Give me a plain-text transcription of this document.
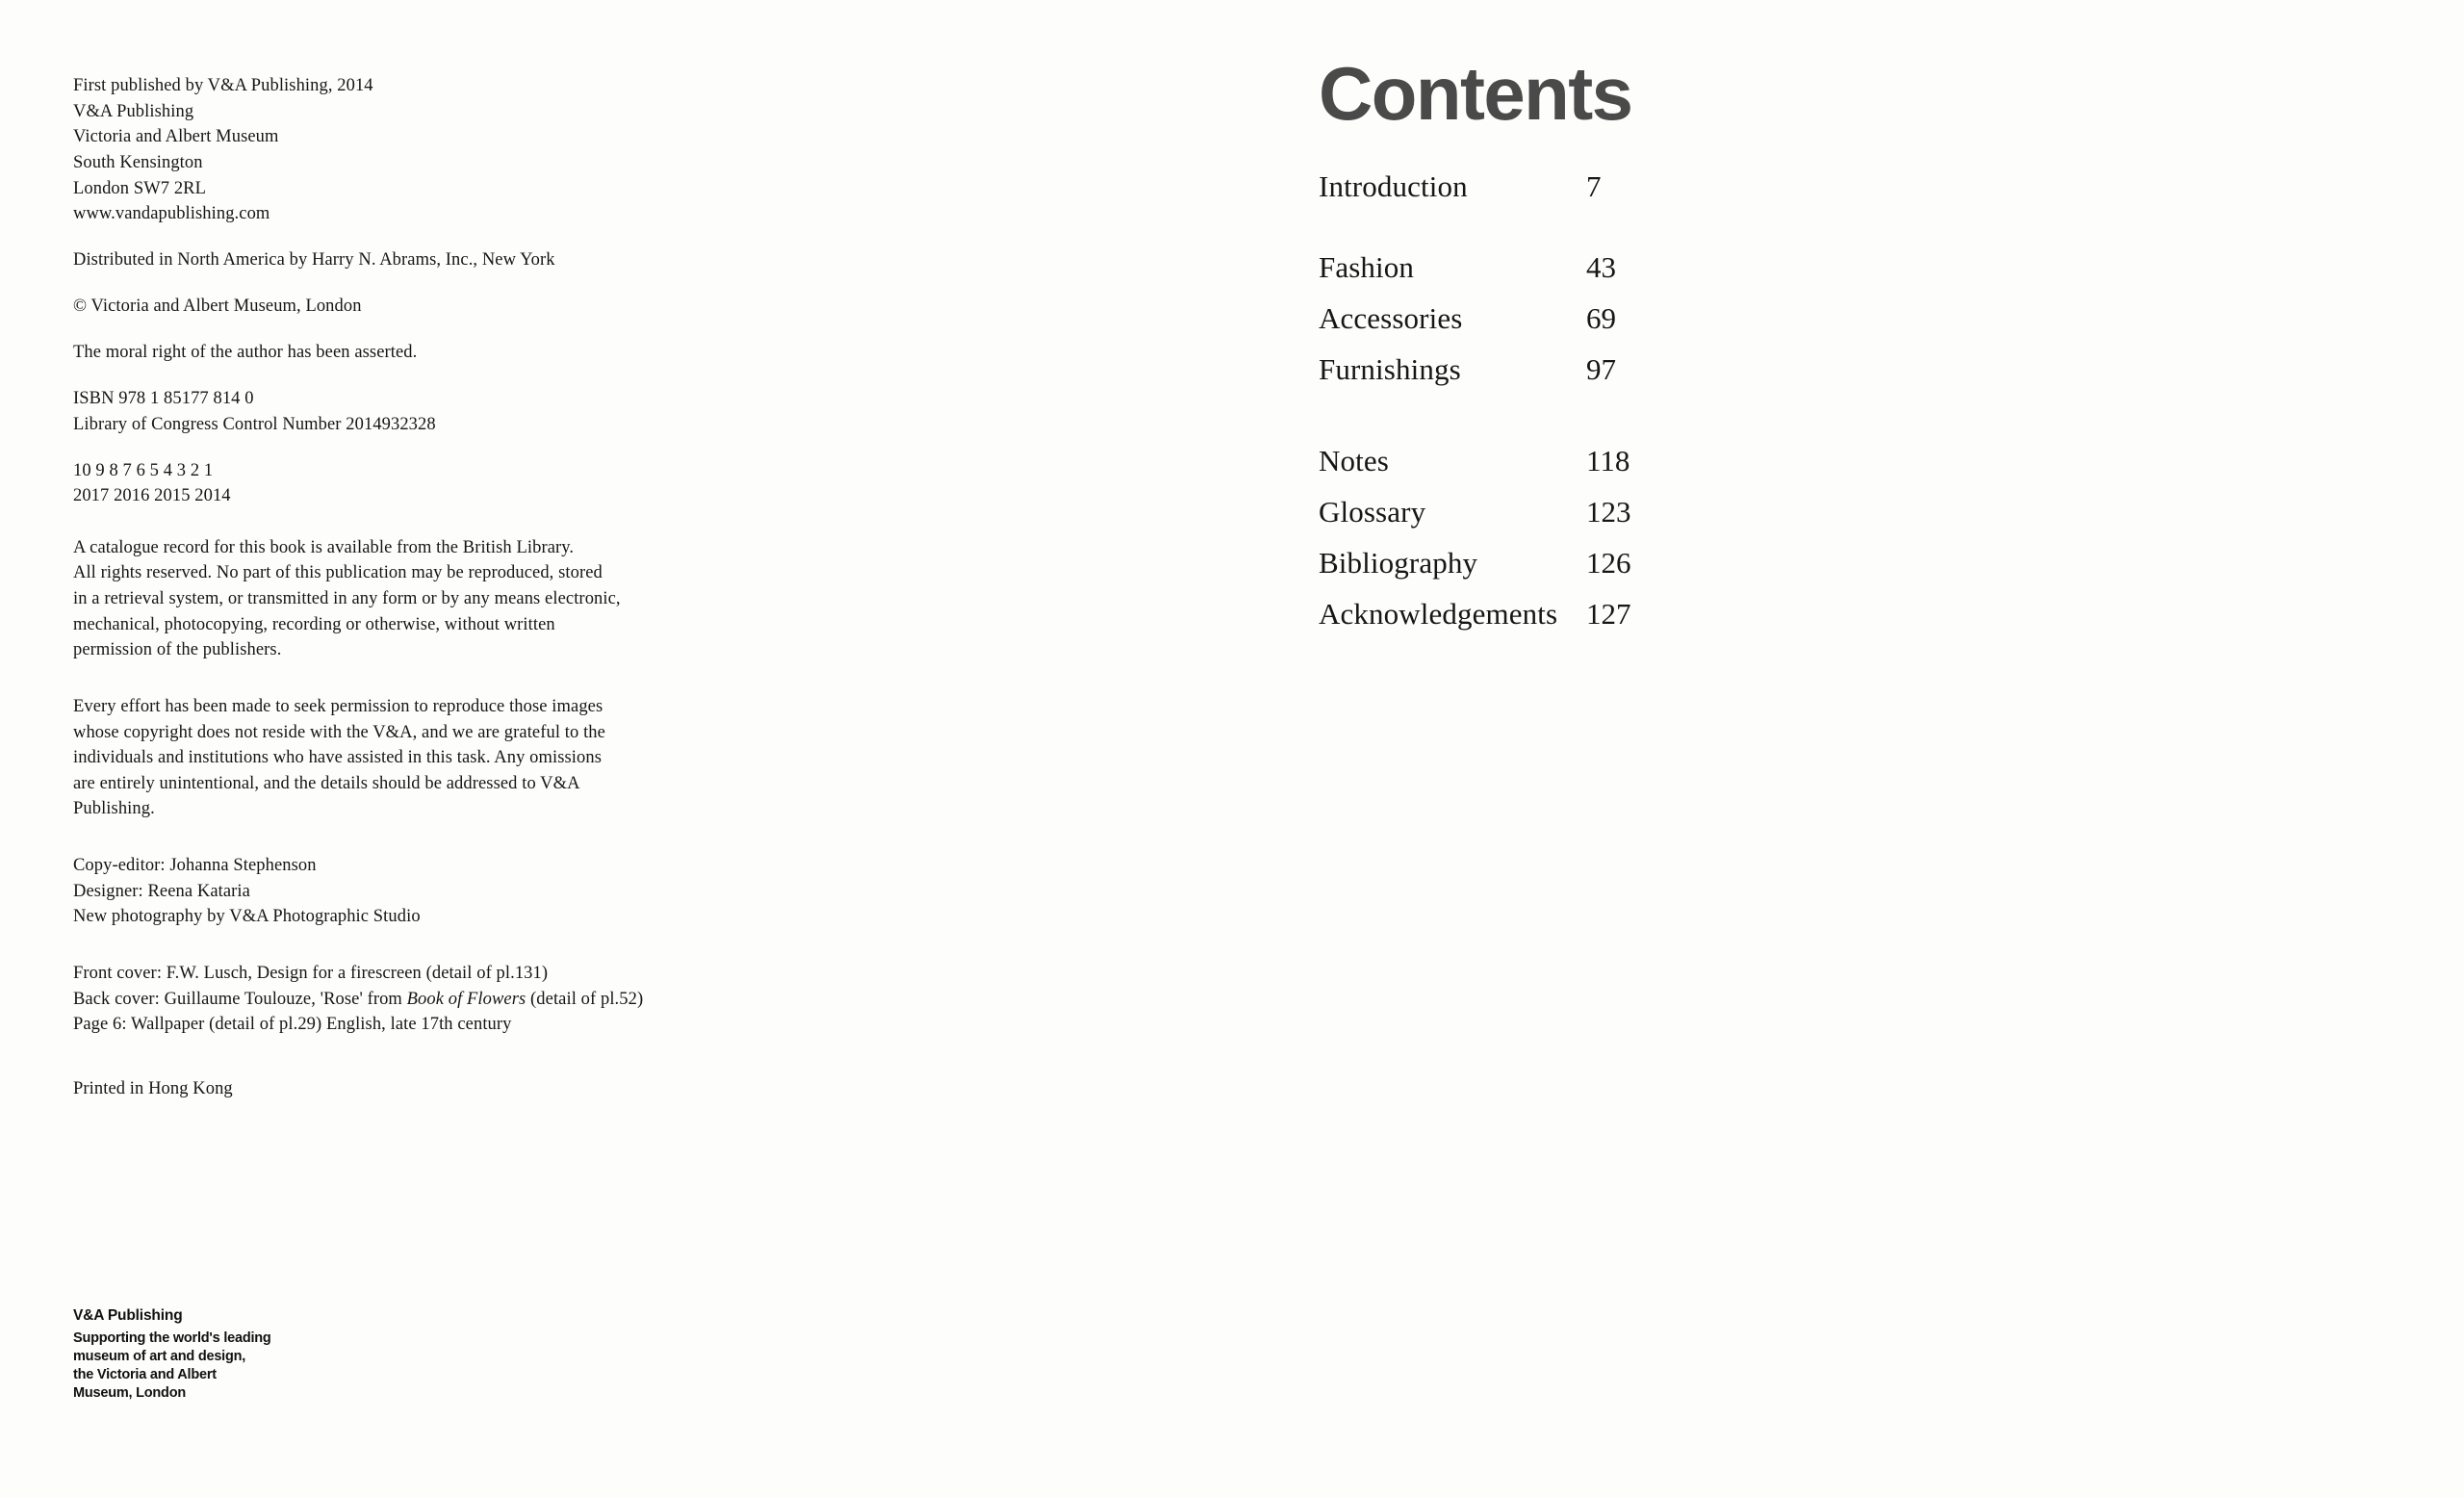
First published by V&A Publishing, 2014
V&A Publishing
Victoria and Albert Museum
South Kensington
London SW7 2RL
www.vandapublishing.com
Distributed in North America by Harry N. Abrams, Inc., New York
© Victoria and Albert Museum, London
The moral right of the author has been asserted.
ISBN 978 1 85177 814 0
Library of Congress Control Number 2014932328
10 9 8 7 6 5 4 3 2 1
2017 2016 2015 2014
A catalogue record for this book is available from the British Library.
All rights reserved. No part of this publication may be reproduced, stored
in a retrieval system, or transmitted in any form or by any means electronic,
mechanical, photocopying, recording or otherwise, without written
permission of the publishers.
Every effort has been made to seek permission to reproduce those images
whose copyright does not reside with the V&A, and we are grateful to the
individuals and institutions who have assisted in this task. Any omissions
are entirely unintentional, and the details should be addressed to V&A
Publishing.
Copy-editor: Johanna Stephenson
Designer: Reena Kataria
New photography by V&A Photographic Studio
Front cover: F.W. Lusch, Design for a firescreen (detail of pl.131)
Back cover: Guillaume Toulouze, 'Rose' from Book of Flowers (detail of pl.52)
Page 6: Wallpaper (detail of pl.29) English, late 17th century
Printed in Hong Kong
V&A Publishing
Supporting the world's leading
museum of art and design,
the Victoria and Albert
Museum, London
Contents
Introduction	7
Fashion	43
Accessories	69
Furnishings	97
Notes	118
Glossary	123
Bibliography	126
Acknowledgements 127
